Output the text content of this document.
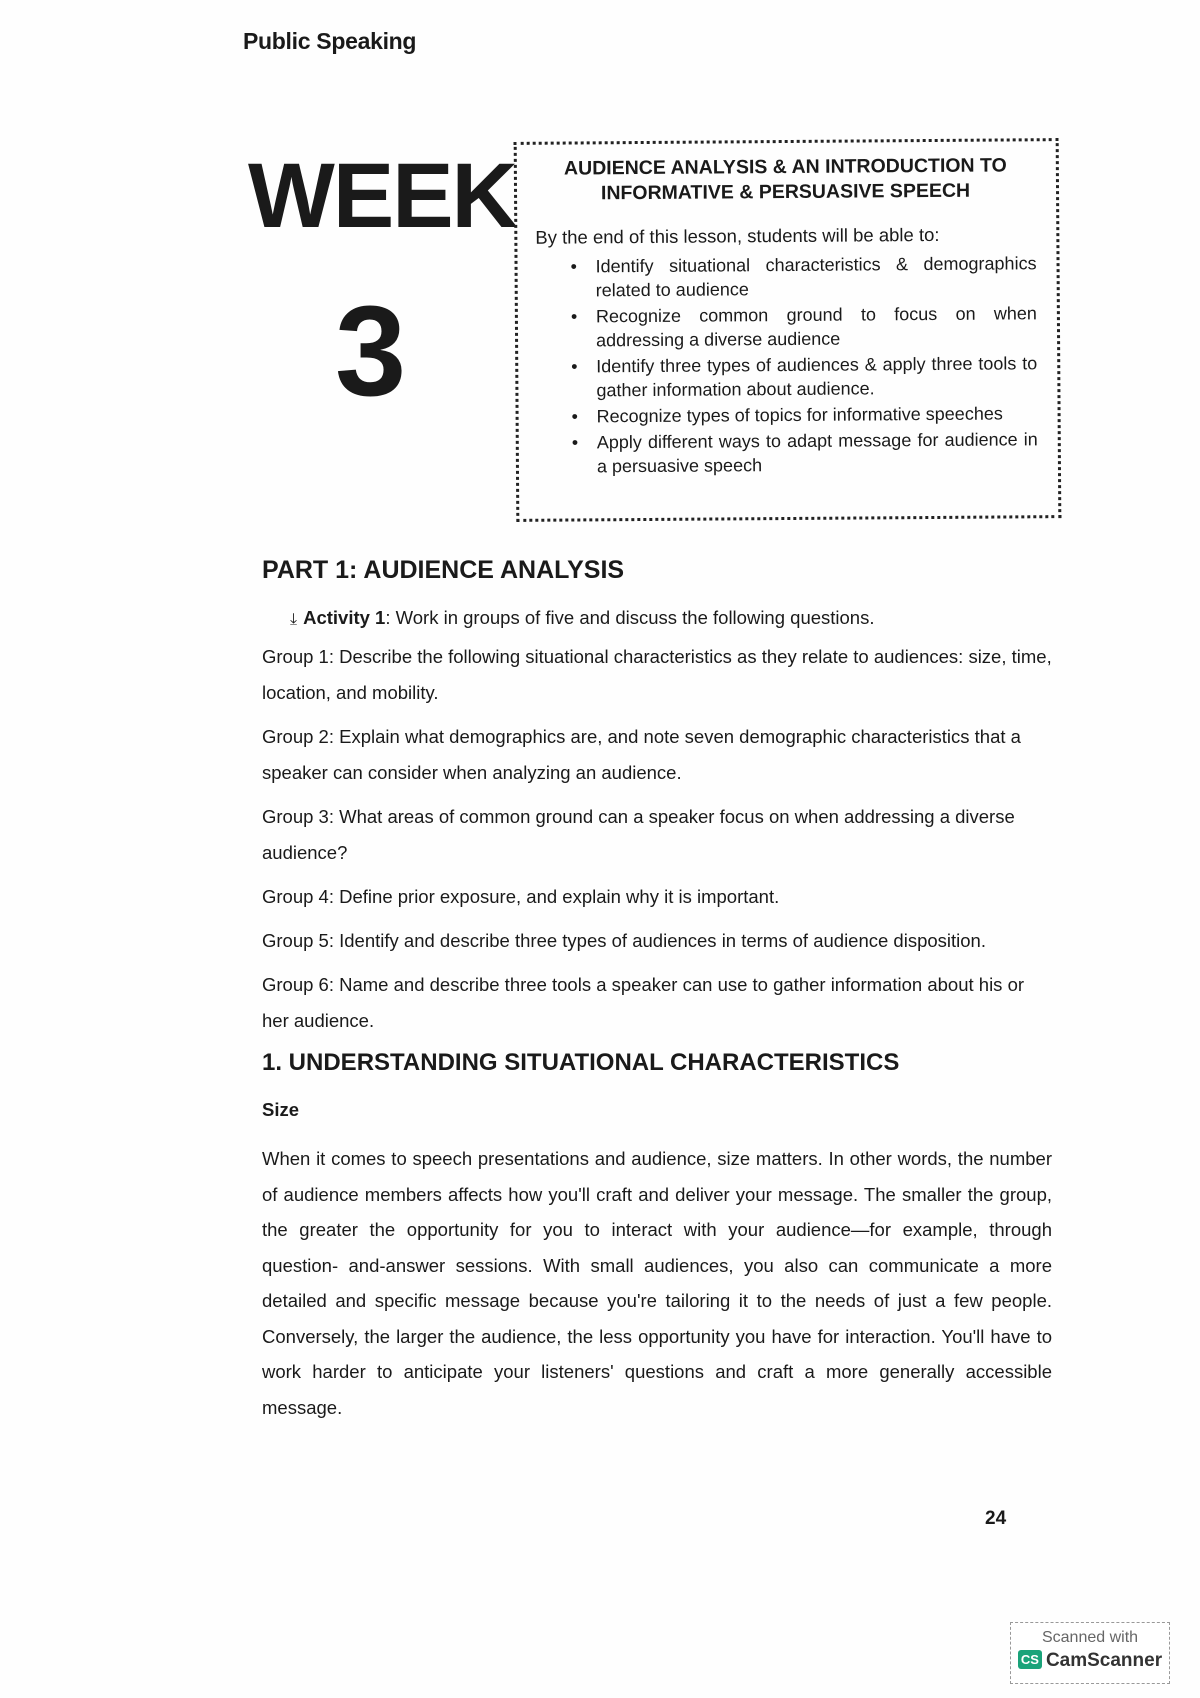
Public Speaking
WEEK
3
AUDIENCE ANALYSIS & AN INTRODUCTION TO
INFORMATIVE & PERSUASIVE SPEECH

By the end of this lesson, students will be able to:

• Identify situational characteristics & demographics related to audience
• Recognize common ground to focus on when addressing a diverse audience
• Identify three types of audiences & apply three tools to gather information about audience.
• Recognize types of topics for informative speeches
• Apply different ways to adapt message for audience in a persuasive speech
PART 1: AUDIENCE ANALYSIS

⤓ Activity 1: Work in groups of five and discuss the following questions.

Group 1: Describe the following situational characteristics as they relate to audiences: size, time, location, and mobility.

Group 2: Explain what demographics are, and note seven demographic characteristics that a speaker can consider when analyzing an audience.

Group 3: What areas of common ground can a speaker focus on when addressing a diverse audience?

Group 4: Define prior exposure, and explain why it is important.

Group 5: Identify and describe three types of audiences in terms of audience disposition.

Group 6: Name and describe three tools a speaker can use to gather information about his or her audience.

1. UNDERSTANDING SITUATIONAL CHARACTERISTICS
Size

When it comes to speech presentations and audience, size matters. In other words, the number of audience members affects how you'll craft and deliver your message. The smaller the group, the greater the opportunity for you to interact with your audience—for example, through question- and-answer sessions. With small audiences, you also can communicate a more detailed and specific message because you're tailoring it to the needs of just a few people. Conversely, the larger the audience, the less opportunity you have for interaction. You'll have to work harder to anticipate your listeners' questions and craft a more generally accessible message.

24
Scanned with
CS CamScanner
